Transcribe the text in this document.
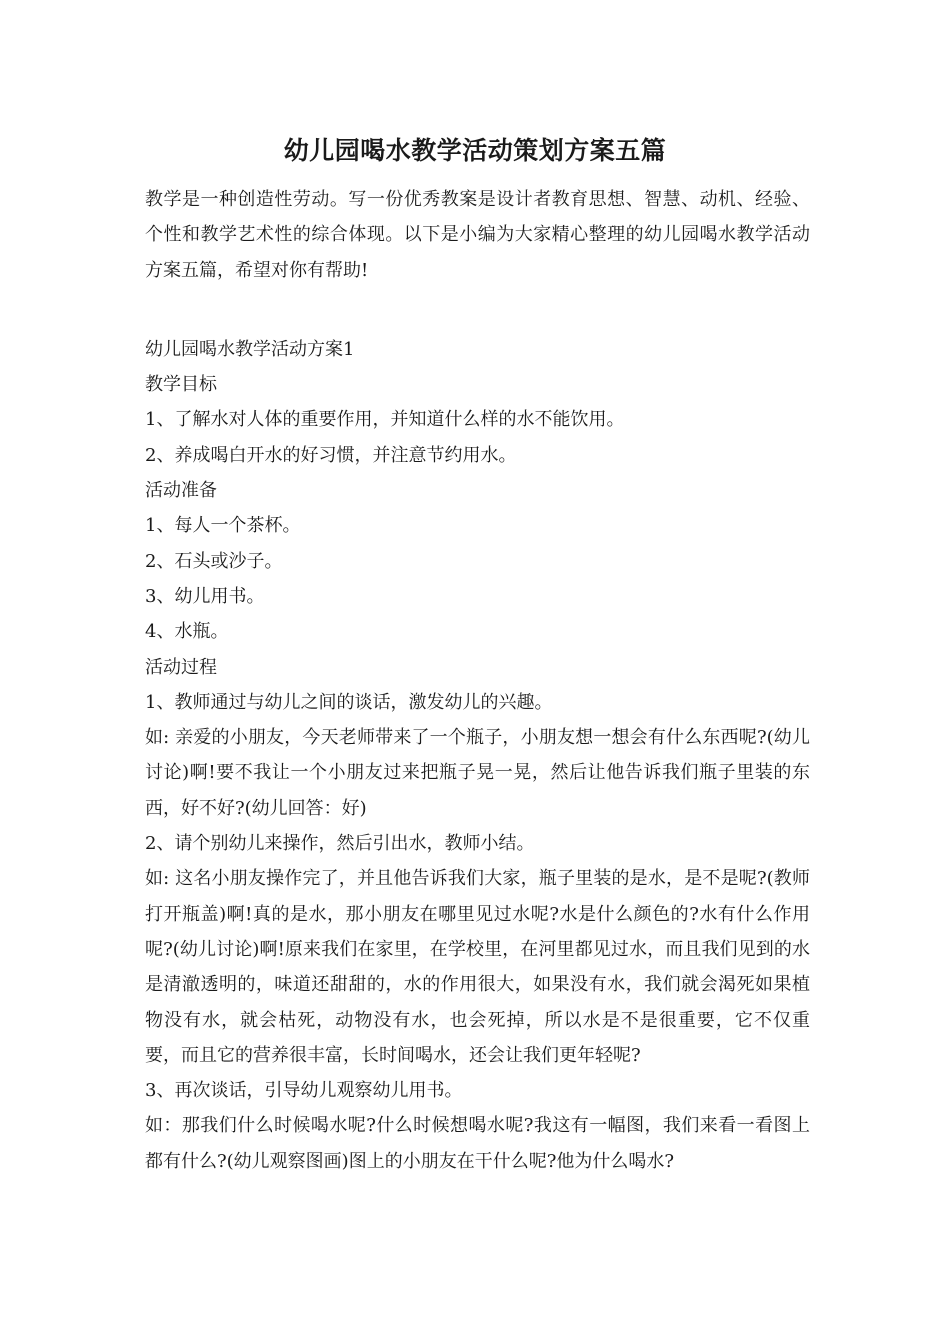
幼儿园喝水教学活动策划方案五篇

教学是一种创造性劳动。写一份优秀教案是设计者教育思想、智慧、动机、经验、个性和教学艺术性的综合体现。以下是小编为大家精心整理的幼儿园喝水教学活动方案五篇，希望对你有帮助!

幼儿园喝水教学活动方案1

教学目标

1、了解水对人体的重要作用，并知道什么样的水不能饮用。

2、养成喝白开水的好习惯，并注意节约用水。

活动准备

1、每人一个茶杯。

2、石头或沙子。

3、幼儿用书。

4、水瓶。

活动过程

1、教师通过与幼儿之间的谈话，激发幼儿的兴趣。

如: 亲爱的小朋友，今天老师带来了一个瓶子，小朋友想一想会有什么东西呢?(幼儿讨论)啊!要不我让一个小朋友过来把瓶子晃一晃，然后让他告诉我们瓶子里装的东西，好不好?(幼儿回答：好)

2、请个别幼儿来操作，然后引出水，教师小结。

如: 这名小朋友操作完了，并且他告诉我们大家，瓶子里装的是水，是不是呢?(教师打开瓶盖)啊!真的是水，那小朋友在哪里见过水呢?水是什么颜色的?水有什么作用呢?(幼儿讨论)啊!原来我们在家里，在学校里，在河里都见过水，而且我们见到的水是清澈透明的，味道还甜甜的，水的作用很大，如果没有水，我们就会渴死如果植物没有水，就会枯死，动物没有水，也会死掉，所以水是不是很重要，它不仅重要，而且它的营养很丰富，长时间喝水，还会让我们更年轻呢?

3、再次谈话，引导幼儿观察幼儿用书。

如：那我们什么时候喝水呢?什么时候想喝水呢?我这有一幅图，我们来看一看图上都有什么?(幼儿观察图画)图上的小朋友在干什么呢?他为什么喝水?
